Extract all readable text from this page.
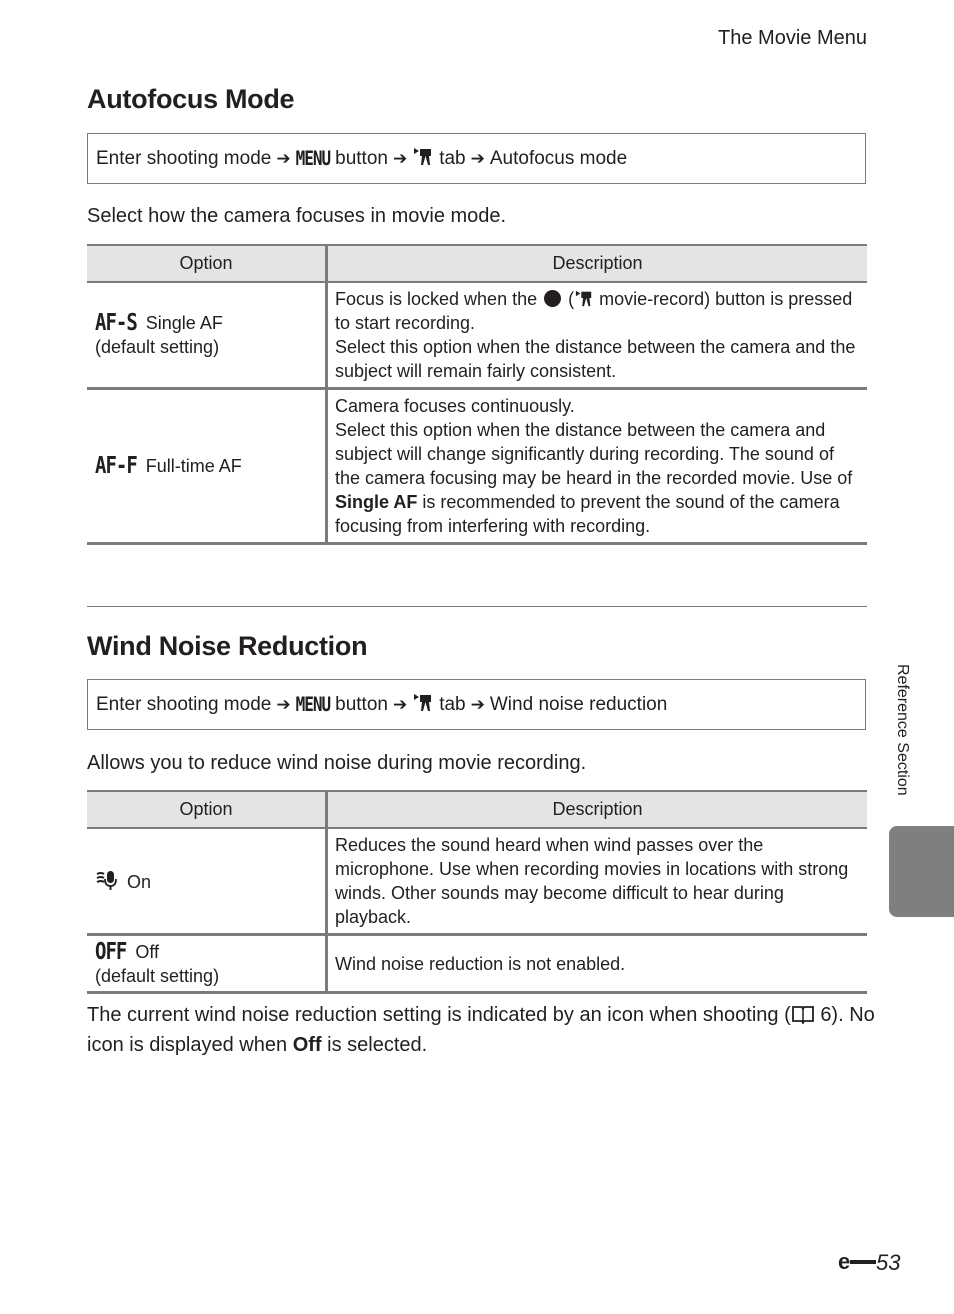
The Movie Menu
Autofocus Mode
Enter shooting mode ➔ MENU button ➔ tab ➔ Autofocus mode
Select how the camera focuses in movie mode.
Option	Description
AF-S Single AF
(default setting)	Focus is locked when the  ( movie-record) button is pressed to start recording.
Select this option when the distance between the camera and the subject will remain fairly consistent.
AF-F Full-time AF	Camera focuses continuously.
Select this option when the distance between the camera and subject will change significantly during recording. The sound of the camera focusing may be heard in the recorded movie. Use of Single AF is recommended to prevent the sound of the camera focusing from interfering with recording.
Wind Noise Reduction
Enter shooting mode ➔ MENU button ➔ tab ➔ Wind noise reduction
Allows you to reduce wind noise during movie recording.
Option	Description
On	Reduces the sound heard when wind passes over the microphone. Use when recording movies in locations with strong winds. Other sounds may become difficult to hear during playback.
OFF Off
(default setting)	Wind noise reduction is not enabled.
The current wind noise reduction setting is indicated by an icon when shooting ( 6). No icon is displayed when Off is selected.
Reference Section
e 53
